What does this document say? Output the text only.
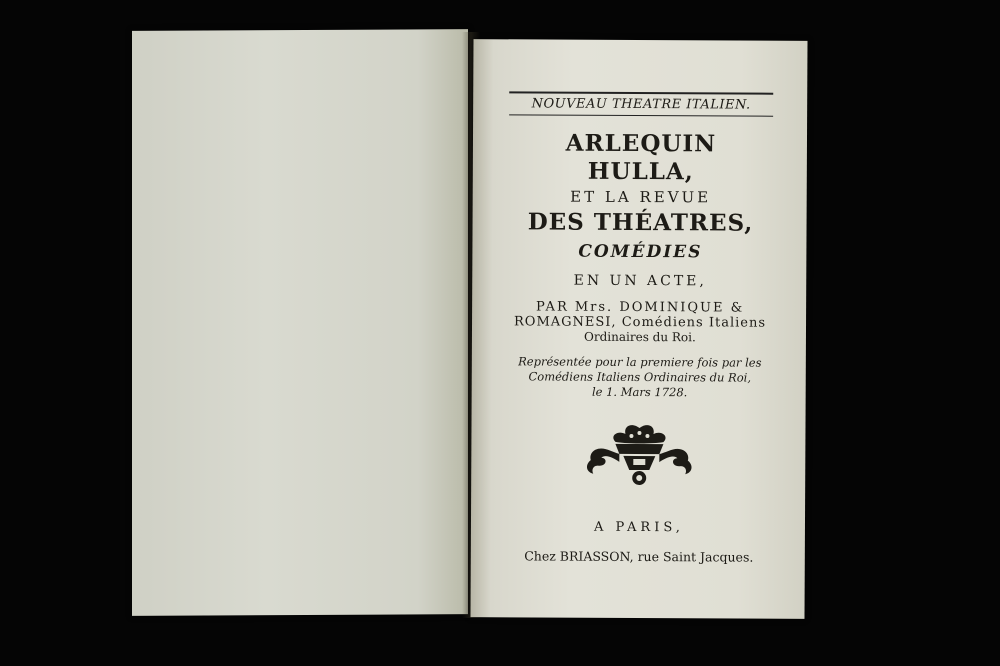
NOUVEAU THEATRE ITALIEN.
ARLEQUIN HULLA,
ET LA REVUE
DES THÉATRES,
COMÉDIES
EN UN ACTE,
PAR Mrs. DOMINIQUE &
ROMAGNESI, Comédiens Italiens
Ordinaires du Roi.
Représentée pour la premiere fois par les
Comédiens Italiens Ordinaires du Roi,
le 1. Mars 1728.
A PARIS,
Chez BRIASSON, rue Saint Jacques.
